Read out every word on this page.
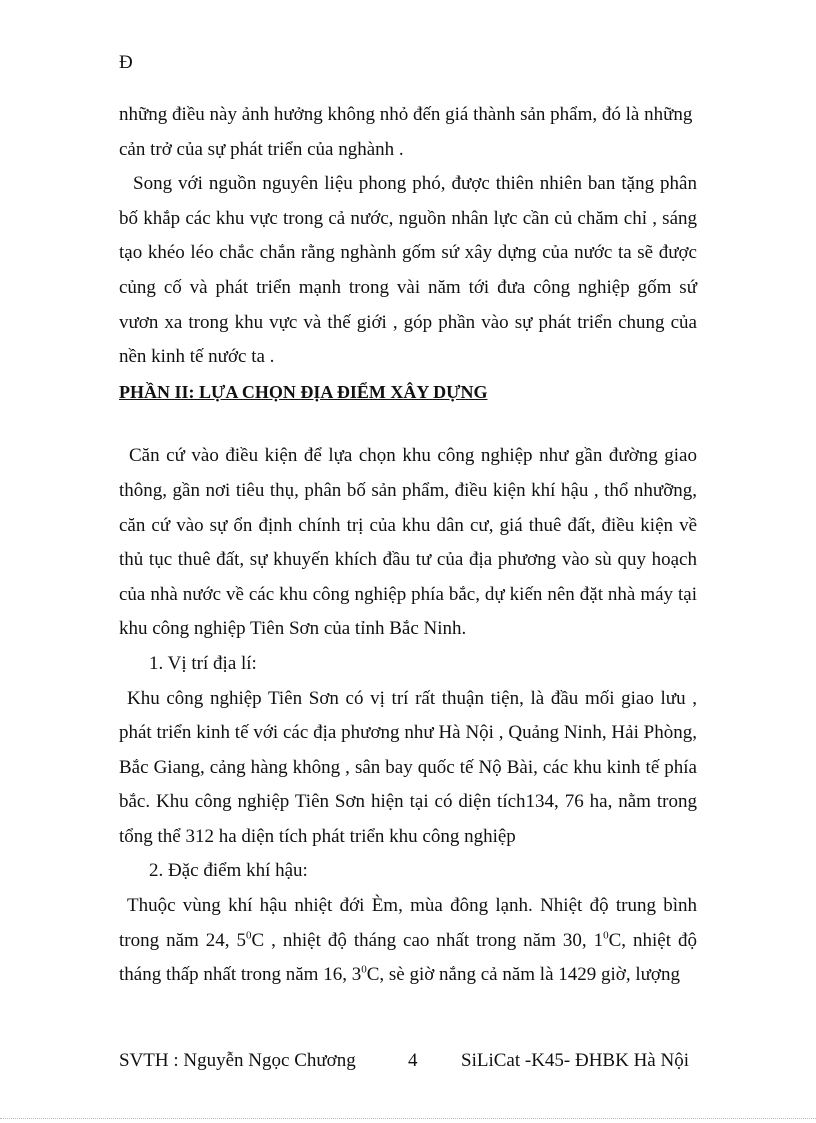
Đ

những điều này ảnh hưởng không nhỏ đến giá thành sản phẩm, đó là những

cản trở của sự phát triển của nghành .

Song với nguồn nguyên liệu phong phó, được thiên nhiên ban tặng phân bố khắp các khu vực trong cả nước, nguồn nhân lực cần củ chăm chỉ , sáng tạo khéo léo chắc chắn rằng nghành gốm sứ xây dựng của nước ta sẽ được củng cố và phát triển mạnh trong vài năm tới đưa công nghiệp gốm sứ vươn xa trong khu vực và thế giới , góp phần vào sự phát triển chung của nền kinh tế nước ta .

PHẦN II: LỰA CHỌN ĐỊA ĐIỂM XÂY DỰNG

Căn cứ vào điều kiện để lựa chọn khu công nghiệp như gần đường giao thông, gần nơi tiêu thụ, phân bố sản phẩm, điều kiện khí hậu , thổ nhưỡng, căn cứ vào sự ổn định chính trị của khu dân cư, giá thuê đất, điều kiện về thủ tục thuê đất, sự khuyến khích đầu tư của địa phương vào sù quy hoạch của nhà nước về các khu công nghiệp phía bắc, dự kiến nên đặt nhà máy tại khu công nghiệp Tiên Sơn của tỉnh Bắc Ninh.

1. Vị trí địa lí:

Khu công nghiệp Tiên Sơn có vị trí rất thuận tiện, là đầu mối giao lưu , phát triển kinh tế với các địa phương như Hà Nội , Quảng Ninh, Hải Phòng, Bắc Giang, cảng hàng không , sân bay quốc tế Nộ Bài, các khu kinh tế phía bắc. Khu công nghiệp Tiên Sơn hiện tại có diện tích134, 76 ha, nằm trong tổng thể 312 ha diện tích phát triển khu công nghiệp

2. Đặc điểm khí hậu:

Thuộc vùng khí hậu nhiệt đới Èm, mùa đông lạnh. Nhiệt độ trung bình trong năm 24, $5^0C$ , nhiệt độ tháng cao nhất trong năm 30, $1^0C$, nhiệt độ tháng thấp nhất trong năm 16, $3^0C$, sè giờ nắng cả năm là 1429 giờ, lượng

SVTH : Nguyễn Ngọc Chương	4 SiLiCat -K45- ĐHBK Hà Nội
